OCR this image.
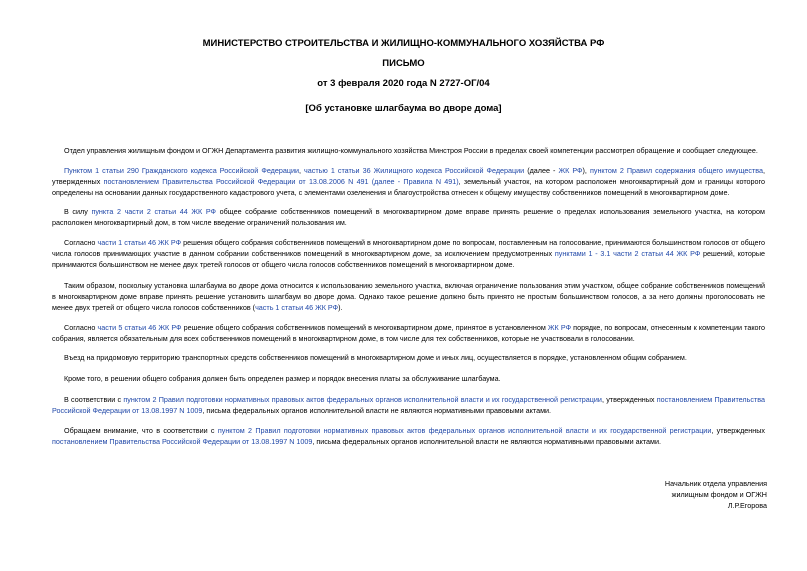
МИНИСТЕРСТВО СТРОИТЕЛЬСТВА И ЖИЛИЩНО-КОММУНАЛЬНОГО ХОЗЯЙСТВА РФ
ПИСЬМО
от 3 февраля 2020 года N 2727-ОГ/04
[Об установке шлагбаума во дворе дома]

Отдел управления жилищным фондом и ОГЖН Департамента развития жилищно-коммунального хозяйства Минстроя России в пределах своей компетенции рассмотрел обращение и сообщает следующее.

Пунктом 1 статьи 290 Гражданского кодекса Российской Федерации, частью 1 статьи 36 Жилищного кодекса Российской Федерации (далее - ЖК РФ), пунктом 2 Правил содержания общего имущества, утвержденных постановлением Правительства Российской Федерации от 13.08.2006 N 491 (далее - Правила N 491), земельный участок, на котором расположен многоквартирный дом и границы которого определены на основании данных государственного кадастрового учета, с элементами озеленения и благоустройства отнесен к общему имуществу собственников помещений в многоквартирном доме.

В силу пункта 2 части 2 статьи 44 ЖК РФ общее собрание собственников помещений в многоквартирном доме вправе принять решение о пределах использования земельного участка, на котором расположен многоквартирный дом, в том числе введение ограничений пользования им.

Согласно части 1 статьи 46 ЖК РФ решения общего собрания собственников помещений в многоквартирном доме по вопросам, поставленным на голосование, принимаются большинством голосов от общего числа голосов принимающих участие в данном собрании собственников помещений в многоквартирном доме, за исключением предусмотренных пунктами 1 - 3.1 части 2 статьи 44 ЖК РФ решений, которые принимаются большинством не менее двух третей голосов от общего числа голосов собственников помещений в многоквартирном доме.

Таким образом, поскольку установка шлагбаума во дворе дома относится к использованию земельного участка, включая ограничение пользования этим участком, общее собрание собственников помещений в многоквартирном доме вправе принять решение установить шлагбаум во дворе дома. Однако такое решение должно быть принято не простым большинством голосов, а за него должны проголосовать не менее двух третей от общего числа голосов собственников (часть 1 статьи 46 ЖК РФ).

Согласно части 5 статьи 46 ЖК РФ решение общего собрания собственников помещений в многоквартирном доме, принятое в установленном ЖК РФ порядке, по вопросам, отнесенным к компетенции такого собрания, является обязательным для всех собственников помещений в многоквартирном доме, в том числе для тех собственников, которые не участвовали в голосовании.

Въезд на придомовую территорию транспортных средств собственников помещений в многоквартирном доме и иных лиц, осуществляется в порядке, установленном общим собранием.

Кроме того, в решении общего собрания должен быть определен размер и порядок внесения платы за обслуживание шлагбаума.

В соответствии с пунктом 2 Правил подготовки нормативных правовых актов федеральных органов исполнительной власти и их государственной регистрации, утвержденных постановлением Правительства Российской Федерации от 13.08.1997 N 1009, письма федеральных органов исполнительной власти не являются нормативными правовыми актами.

Обращаем внимание, что в соответствии с пунктом 2 Правил подготовки нормативных правовых актов федеральных органов исполнительной власти и их государственной регистрации, утвержденных постановлением Правительства Российской Федерации от 13.08.1997 N 1009, письма федеральных органов исполнительной власти не являются нормативными правовыми актами.

Начальник отдела управления
жилищным фондом и ОГЖН
Л.Р.Егорова
